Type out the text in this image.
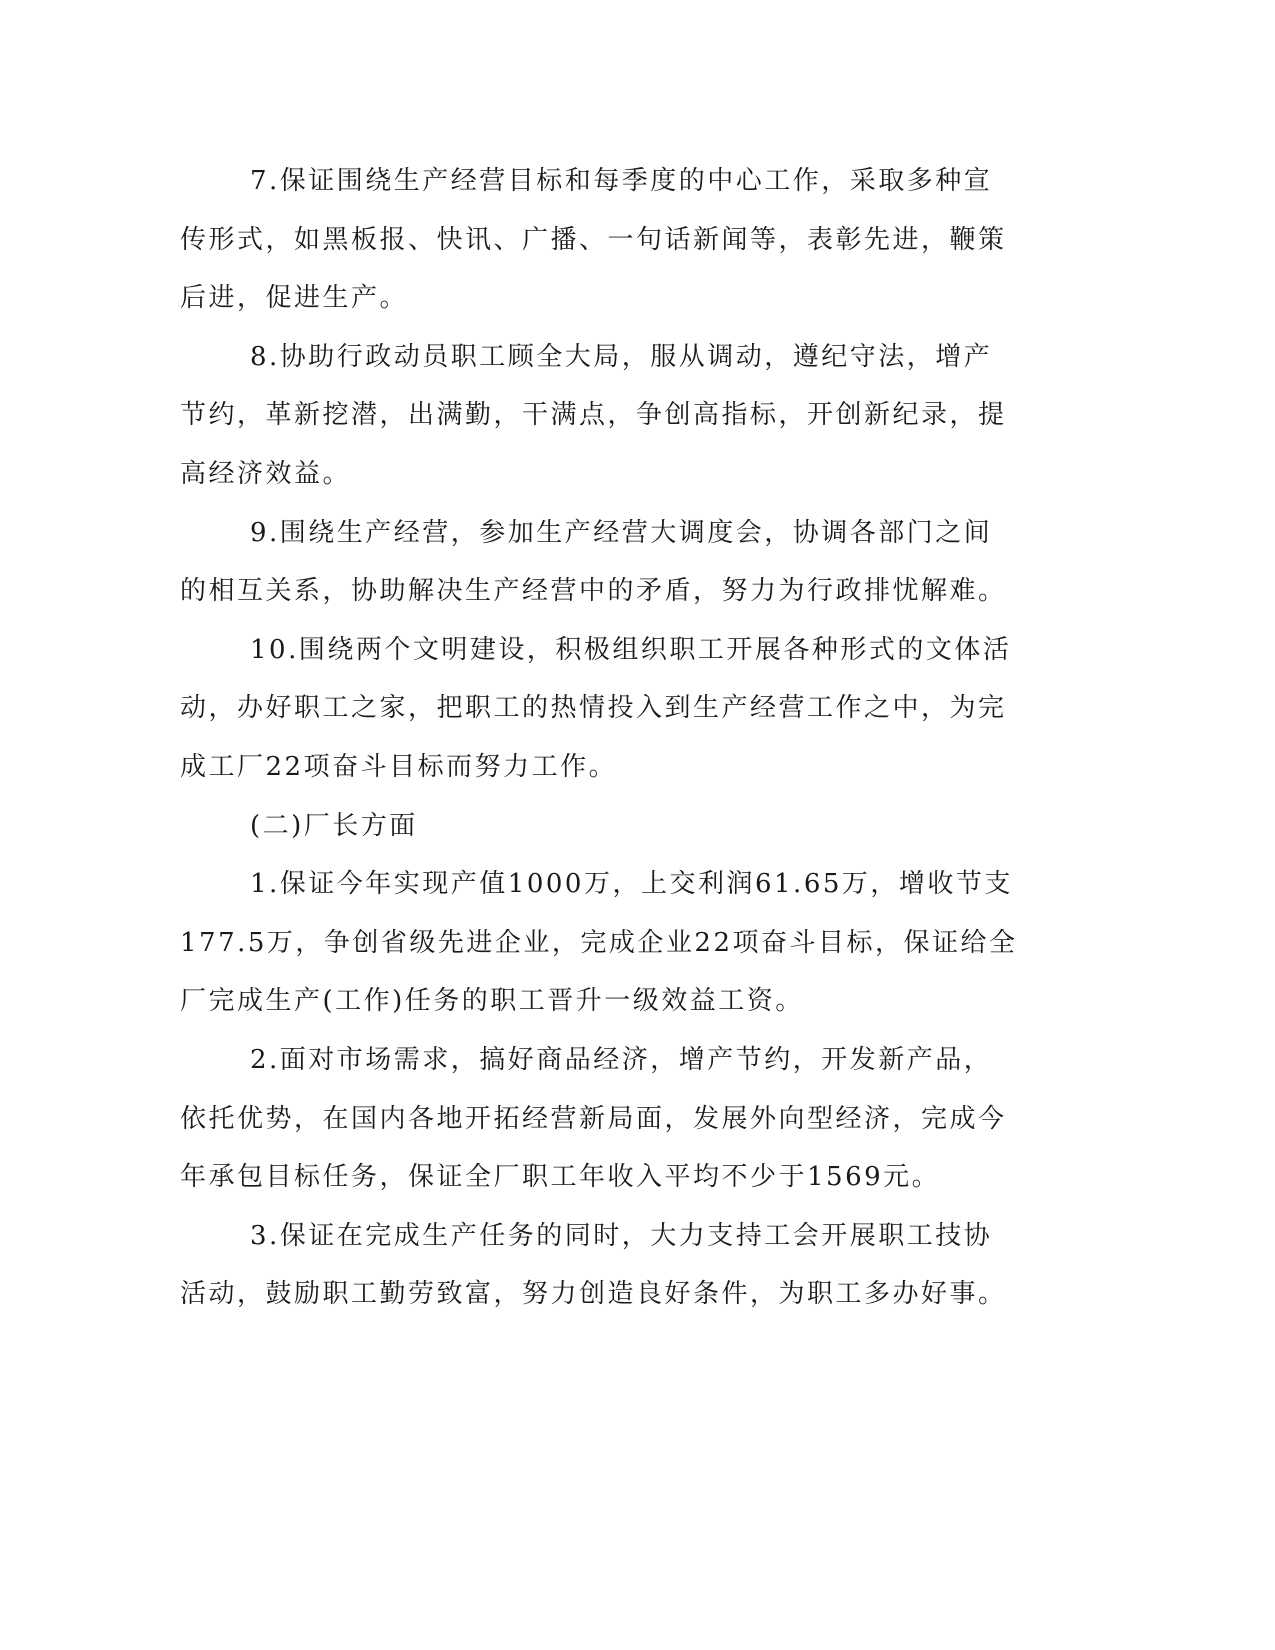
7.保证围绕生产经营目标和每季度的中心工作，采取多种宣传形式，如黑板报、快讯、广播、一句话新闻等，表彰先进，鞭策后进，促进生产。

8.协助行政动员职工顾全大局，服从调动，遵纪守法，增产节约，革新挖潜，出满勤，干满点，争创高指标，开创新纪录，提高经济效益。

9.围绕生产经营，参加生产经营大调度会，协调各部门之间的相互关系，协助解决生产经营中的矛盾，努力为行政排忧解难。

10.围绕两个文明建设，积极组织职工开展各种形式的文体活动，办好职工之家，把职工的热情投入到生产经营工作之中，为完成工厂22项奋斗目标而努力工作。

(二)厂长方面

1.保证今年实现产值1000万，上交利润61.65万，增收节支177.5万，争创省级先进企业，完成企业22项奋斗目标，保证给全厂完成生产(工作)任务的职工晋升一级效益工资。

2.面对市场需求，搞好商品经济，增产节约，开发新产品，依托优势，在国内各地开拓经营新局面，发展外向型经济，完成今年承包目标任务，保证全厂职工年收入平均不少于1569元。

3.保证在完成生产任务的同时，大力支持工会开展职工技协活动，鼓励职工勤劳致富，努力创造良好条件，为职工多办好事。
